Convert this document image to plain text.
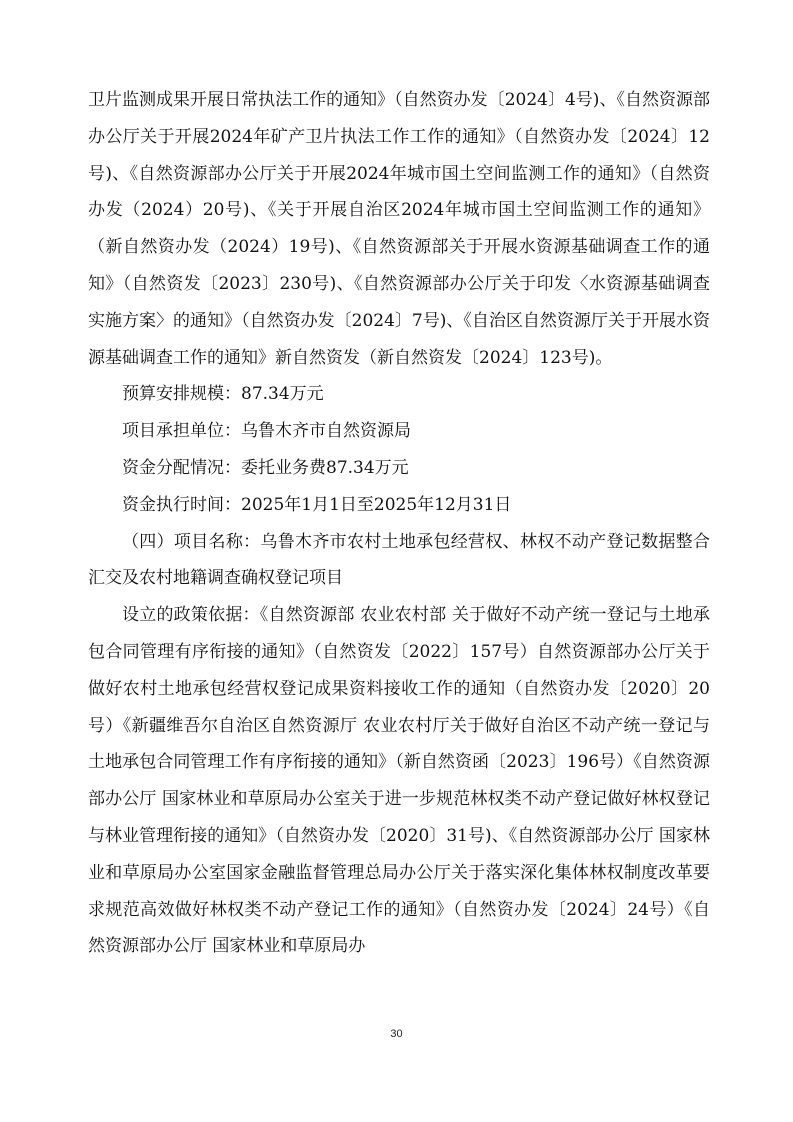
卫片监测成果开展日常执法工作的通知》（自然资办发〔2024〕4号)、《自然资源部办公厅关于开展2024年矿产卫片执法工作工作的通知》（自然资办发〔2024〕12号)、《自然资源部办公厅关于开展2024年城市国土空间监测工作的通知》（自然资办发（2024）20号)、《关于开展自治区2024年城市国土空间监测工作的通知》（新自然资办发（2024）19号)、《自然资源部关于开展水资源基础调查工作的通知》（自然资发〔2023〕230号)、《自然资源部办公厅关于印发〈水资源基础调查实施方案〉的通知》（自然资办发〔2024〕7号)、《自治区自然资源厅关于开展水资源基础调查工作的通知》新自然资发（新自然资发〔2024〕123号)。

预算安排规模：87.34万元

项目承担单位：乌鲁木齐市自然资源局

资金分配情况：委托业务费87.34万元

资金执行时间：2025年1月1日至2025年12月31日

（四）项目名称：乌鲁木齐市农村土地承包经营权、林权不动产登记数据整合汇交及农村地籍调查确权登记项目

设立的政策依据：《自然资源部 农业农村部 关于做好不动产统一登记与土地承包合同管理有序衔接的通知》（自然资发〔2022〕157号）自然资源部办公厅关于做好农村土地承包经营权登记成果资料接收工作的通知（自然资办发〔2020〕20号）《新疆维吾尔自治区自然资源厅 农业农村厅关于做好自治区不动产统一登记与土地承包合同管理工作有序衔接的通知》（新自然资函〔2023〕196号）《自然资源部办公厅 国家林业和草原局办公室关于进一步规范林权类不动产登记做好林权登记与林业管理衔接的通知》（自然资办发〔2020〕31号)、《自然资源部办公厅 国家林业和草原局办公室国家金融监督管理总局办公厅关于落实深化集体林权制度改革要求规范高效做好林权类不动产登记工作的通知》（自然资办发〔2024〕24号）《自然资源部办公厅 国家林业和草原局办

30
